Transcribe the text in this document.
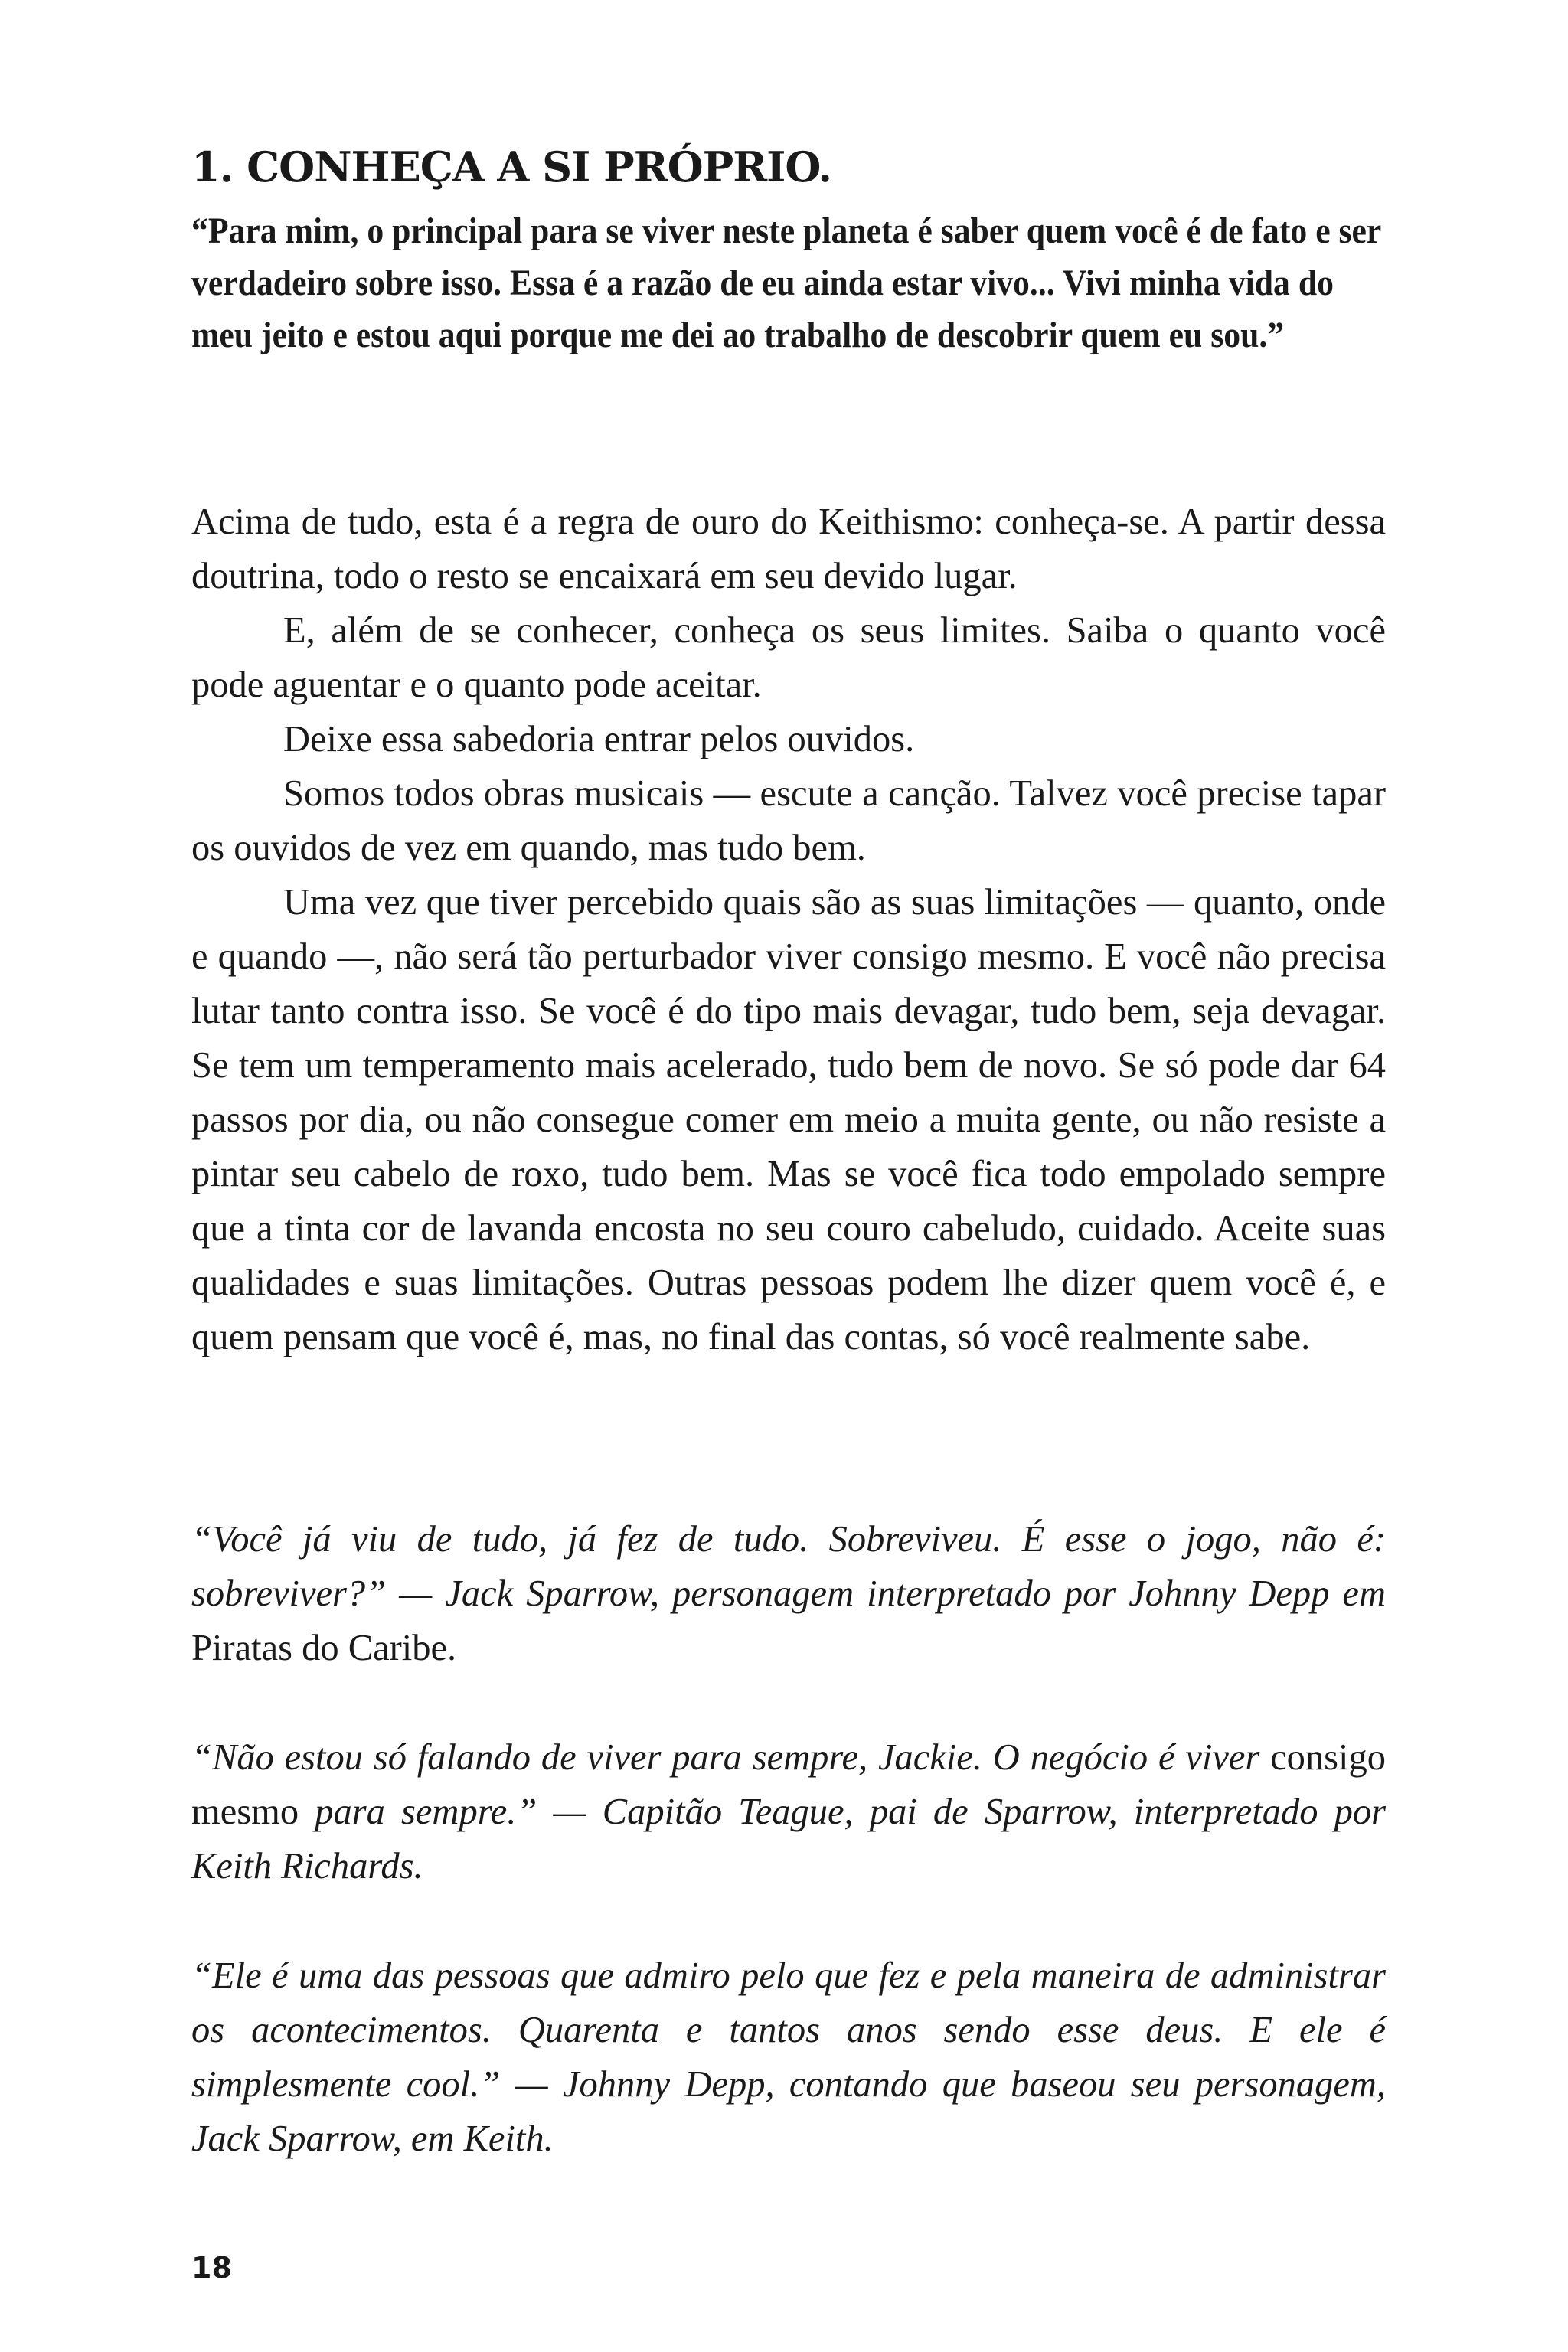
1. CONHEÇA A SI PRÓPRIO.

“Para mim, o principal para se viver neste planeta é saber quem você é de fato e ser verdadeiro sobre isso. Essa é a razão de eu ainda estar vivo... Vivi minha vida do meu jeito e estou aqui porque me dei ao trabalho de descobrir quem eu sou.”

Acima de tudo, esta é a regra de ouro do Keithismo: conheça-se. A partir dessa doutrina, todo o resto se encaixará em seu devido lugar.

E, além de se conhecer, conheça os seus limites. Saiba o quanto você pode aguentar e o quanto pode aceitar.

Deixe essa sabedoria entrar pelos ouvidos.

Somos todos obras musicais — escute a canção. Talvez você precise tapar os ouvidos de vez em quando, mas tudo bem.

Uma vez que tiver percebido quais são as suas limitações — quanto, onde e quando —, não será tão perturbador viver consigo mesmo. E você não precisa lutar tanto contra isso. Se você é do tipo mais devagar, tudo bem, seja devagar. Se tem um temperamento mais acelerado, tudo bem de novo. Se só pode dar 64 passos por dia, ou não consegue comer em meio a muita gente, ou não resiste a pintar seu cabelo de roxo, tudo bem. Mas se você fica todo empolado sempre que a tinta cor de lavanda encosta no seu couro cabeludo, cuidado. Aceite suas qualidades e suas limitações. Outras pessoas podem lhe dizer quem você é, e quem pensam que você é, mas, no final das contas, só você realmente sabe.

“Você já viu de tudo, já fez de tudo. Sobreviveu. É esse o jogo, não é: sobreviver?” — Jack Sparrow, personagem interpretado por Johnny Depp em Piratas do Caribe.

“Não estou só falando de viver para sempre, Jackie. O negócio é viver consigo mesmo para sempre.” — Capitão Teague, pai de Sparrow, interpretado por Keith Richards.

“Ele é uma das pessoas que admiro pelo que fez e pela maneira de administrar os acontecimentos. Quarenta e tantos anos sendo esse deus. E ele é simplesmente cool.” — Johnny Depp, contando que baseou seu personagem, Jack Sparrow, em Keith.

18
